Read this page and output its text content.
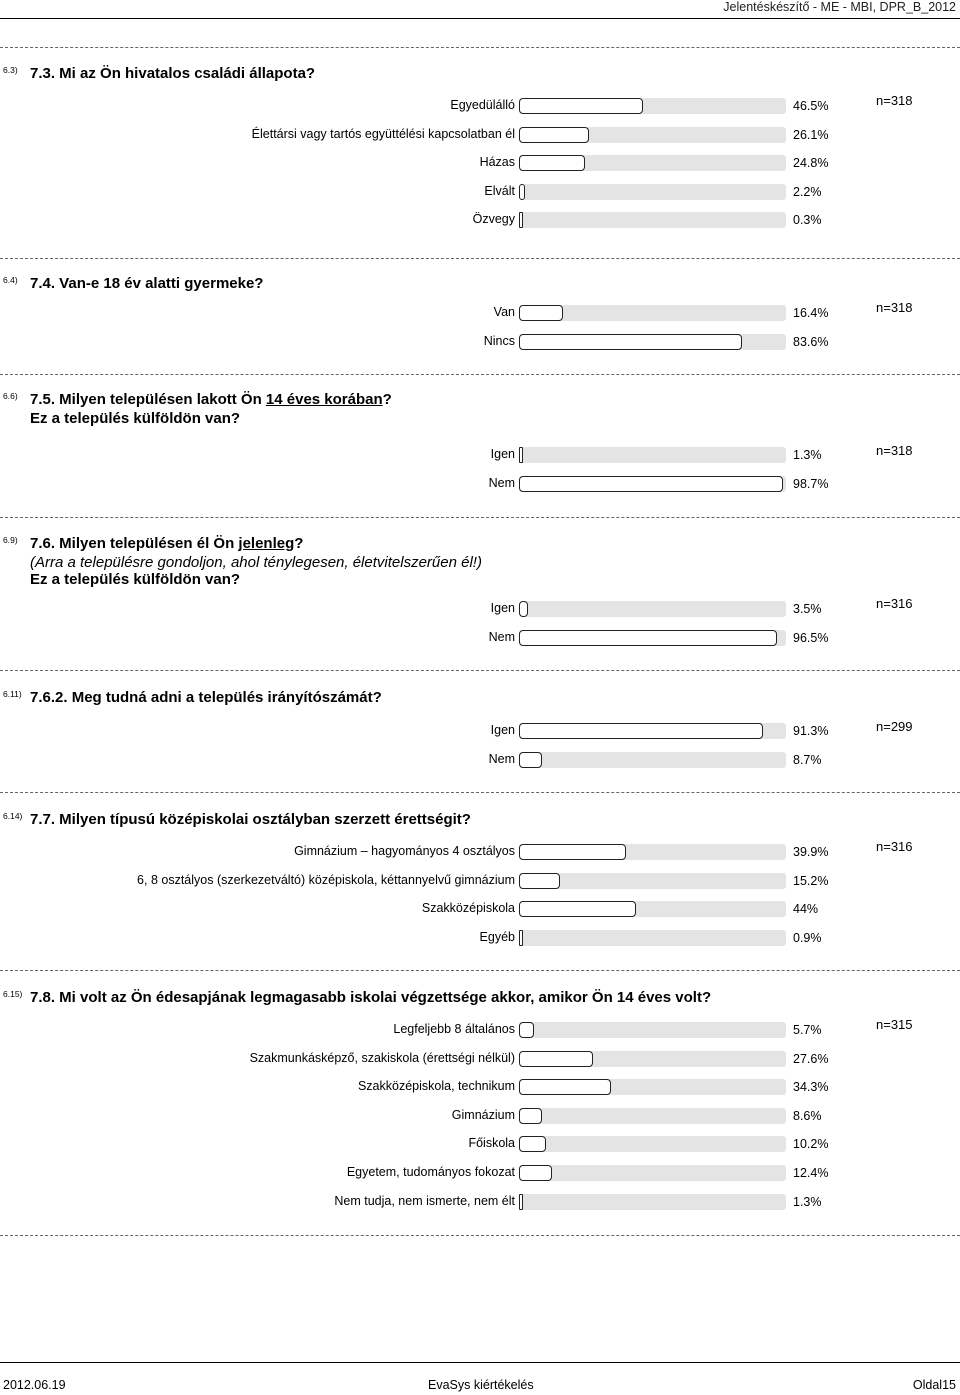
Jelentéskészítő - ME - MBI, DPR_B_2012
6.3) 7.3. Mi az Ön hivatalos családi állapota?
n=318
Egyedülálló	46.5%
Élettársi vagy tartós együttélési kapcsolatban él	26.1%
Házas	24.8%
Elvált	2.2%
Özvegy	0.3%
6.4) 7.4. Van-e 18 év alatti gyermeke?
n=318
Van	16.4%
Nincs	83.6%
6.6) 7.5. Milyen településen lakott Ön 14 éves korában?
Ez a település külföldön van?
n=318
Igen	1.3%
Nem	98.7%
6.9) 7.6. Milyen településen él Ön jelenleg?
(Arra a településre gondoljon, ahol ténylegesen, életvitelszerűen él!)
Ez a település külföldön van?
n=316
Igen	3.5%
Nem	96.5%
6.11) 7.6.2. Meg tudná adni a település irányítószámát?
n=299
Igen	91.3%
Nem	8.7%
6.14) 7.7. Milyen típusú középiskolai osztályban szerzett érettségit?
n=316
Gimnázium – hagyományos 4 osztályos	39.9%
6, 8 osztályos (szerkezetváltó) középiskola, kéttannyelvű gimnázium	15.2%
Szakközépiskola	44%
Egyéb	0.9%
6.15) 7.8. Mi volt az Ön édesapjának legmagasabb iskolai végzettsége akkor, amikor Ön 14 éves volt?
n=315
Legfeljebb 8 általános	5.7%
Szakmunkásképző, szakiskola (érettségi nélkül)	27.6%
Szakközépiskola, technikum	34.3%
Gimnázium	8.6%
Főiskola	10.2%
Egyetem, tudományos fokozat	12.4%
Nem tudja, nem ismerte, nem élt	1.3%
2012.06.19	EvaSys kiértékelés	Oldal15
